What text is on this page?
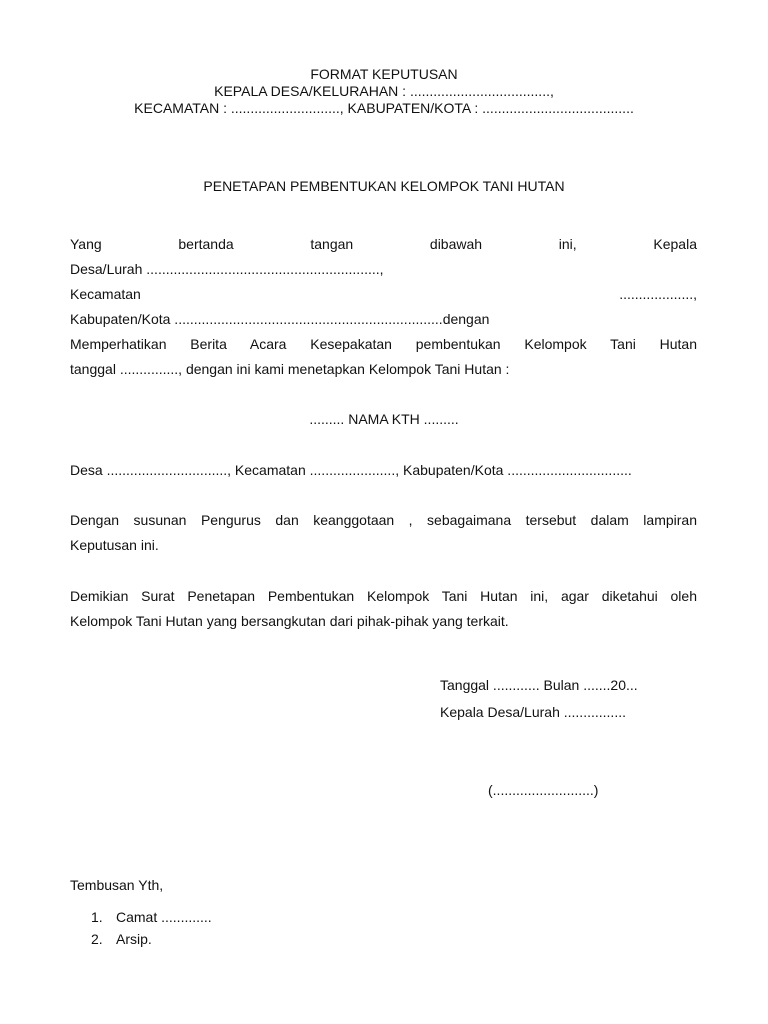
FORMAT KEPUTUSAN
KEPALA DESA/KELURAHAN : ....................................,
KECAMATAN : ............................, KABUPATEN/KOTA : .......................................
PENETAPAN PEMBENTUKAN KELOMPOK TANI HUTAN
Yang bertanda tangan dibawah ini, Kepala
Desa/Lurah ............................................................,
Kecamatan	...................,
Kabupaten/Kota .....................................................................dengan
Memperhatikan Berita Acara Kesepakatan pembentukan Kelompok Tani Hutan
tanggal ..............., dengan ini kami menetapkan Kelompok Tani Hutan :
......... NAMA KTH .........
Desa ..............................., Kecamatan ......................, Kabupaten/Kota ................................
Dengan susunan Pengurus dan keanggotaan , sebagaimana tersebut dalam lampiran
Keputusan ini.
Demikian Surat Penetapan Pembentukan Kelompok Tani Hutan ini, agar diketahui oleh
Kelompok Tani Hutan yang bersangkutan dari pihak-pihak yang terkait.
Tanggal ............ Bulan .......20...
Kepala Desa/Lurah ................
(..........................)
Tembusan Yth,
1. Camat .............
2. Arsip.
